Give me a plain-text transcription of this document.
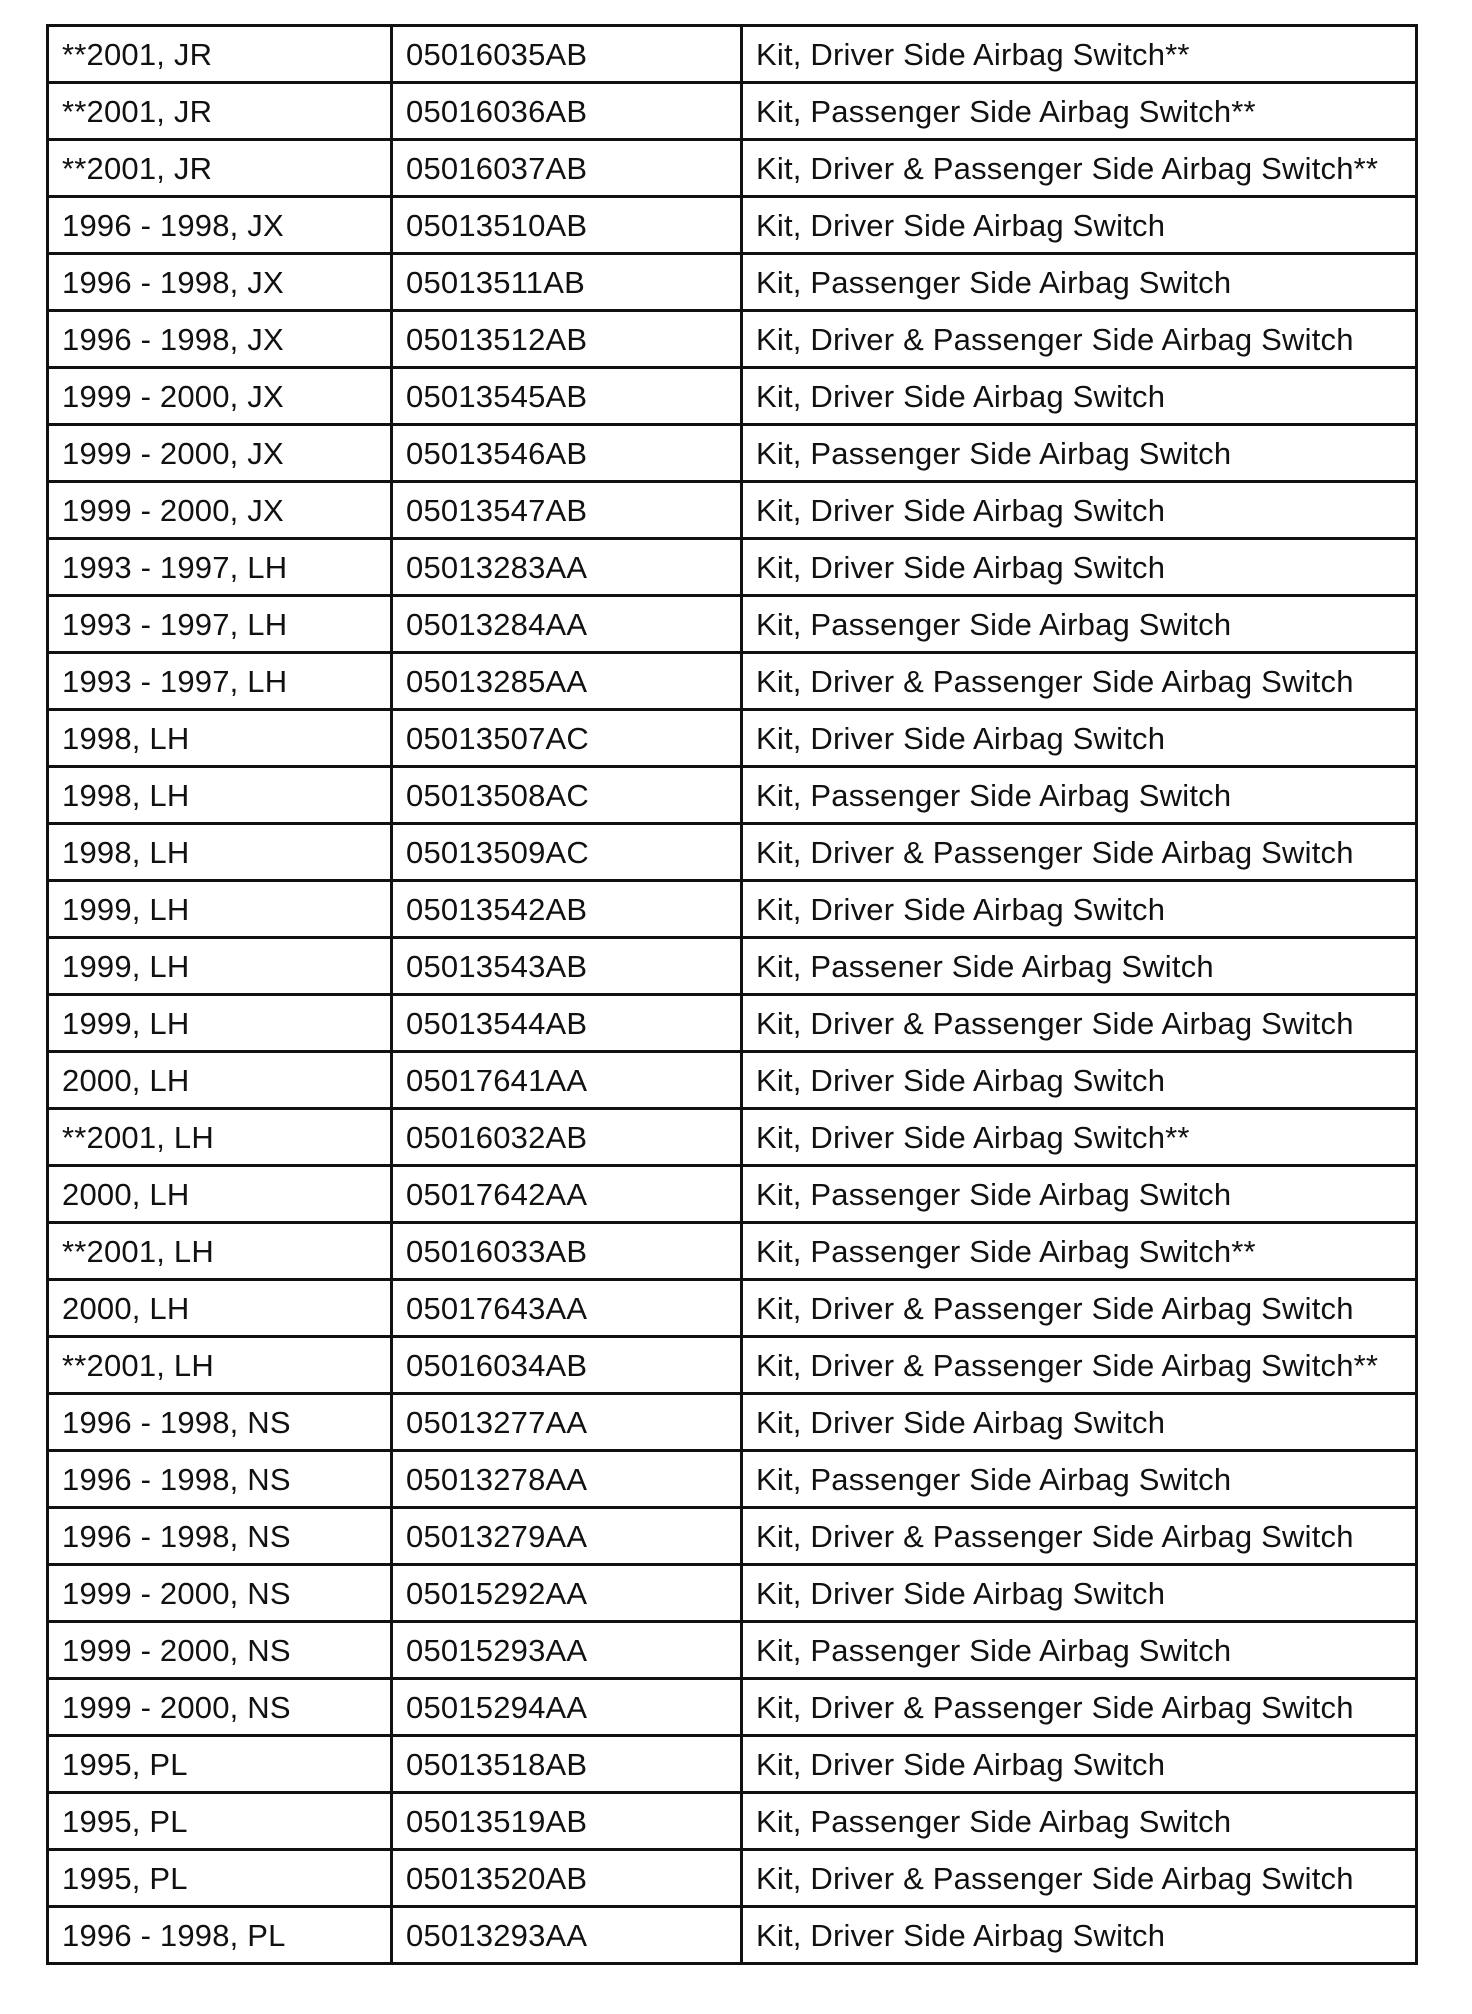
**2001, JR	05016035AB	Kit, Driver Side Airbag Switch**
**2001, JR	05016036AB	Kit, Passenger Side Airbag Switch**
**2001, JR	05016037AB	Kit, Driver & Passenger Side Airbag Switch**
1996 - 1998, JX	05013510AB	Kit, Driver Side Airbag Switch
1996 - 1998, JX	05013511AB	Kit, Passenger Side Airbag Switch
1996 - 1998, JX	05013512AB	Kit, Driver & Passenger Side Airbag Switch
1999 - 2000, JX	05013545AB	Kit, Driver Side Airbag Switch
1999 - 2000, JX	05013546AB	Kit, Passenger Side Airbag Switch
1999 - 2000, JX	05013547AB	Kit, Driver Side Airbag Switch
1993 - 1997, LH	05013283AA	Kit, Driver Side Airbag Switch
1993 - 1997, LH	05013284AA	Kit, Passenger Side Airbag Switch
1993 - 1997, LH	05013285AA	Kit, Driver & Passenger Side Airbag Switch
1998, LH	05013507AC	Kit, Driver Side Airbag Switch
1998, LH	05013508AC	Kit, Passenger Side Airbag Switch
1998, LH	05013509AC	Kit, Driver & Passenger Side Airbag Switch
1999, LH	05013542AB	Kit, Driver Side Airbag Switch
1999, LH	05013543AB	Kit, Passener Side Airbag Switch
1999, LH	05013544AB	Kit, Driver & Passenger Side Airbag Switch
2000, LH	05017641AA	Kit, Driver Side Airbag Switch
**2001, LH	05016032AB	Kit, Driver Side Airbag Switch**
2000, LH	05017642AA	Kit, Passenger Side Airbag Switch
**2001, LH	05016033AB	Kit, Passenger Side Airbag Switch**
2000, LH	05017643AA	Kit, Driver & Passenger Side Airbag Switch
**2001, LH	05016034AB	Kit, Driver & Passenger Side Airbag Switch**
1996 - 1998, NS	05013277AA	Kit, Driver Side Airbag Switch
1996 - 1998, NS	05013278AA	Kit, Passenger Side Airbag Switch
1996 - 1998, NS	05013279AA	Kit, Driver & Passenger Side Airbag Switch
1999 - 2000, NS	05015292AA	Kit, Driver Side Airbag Switch
1999 - 2000, NS	05015293AA	Kit, Passenger Side Airbag Switch
1999 - 2000, NS	05015294AA	Kit, Driver & Passenger Side Airbag Switch
1995, PL	05013518AB	Kit, Driver Side Airbag Switch
1995, PL	05013519AB	Kit, Passenger Side Airbag Switch
1995, PL	05013520AB	Kit, Driver & Passenger Side Airbag Switch
1996 - 1998, PL	05013293AA	Kit, Driver Side Airbag Switch
